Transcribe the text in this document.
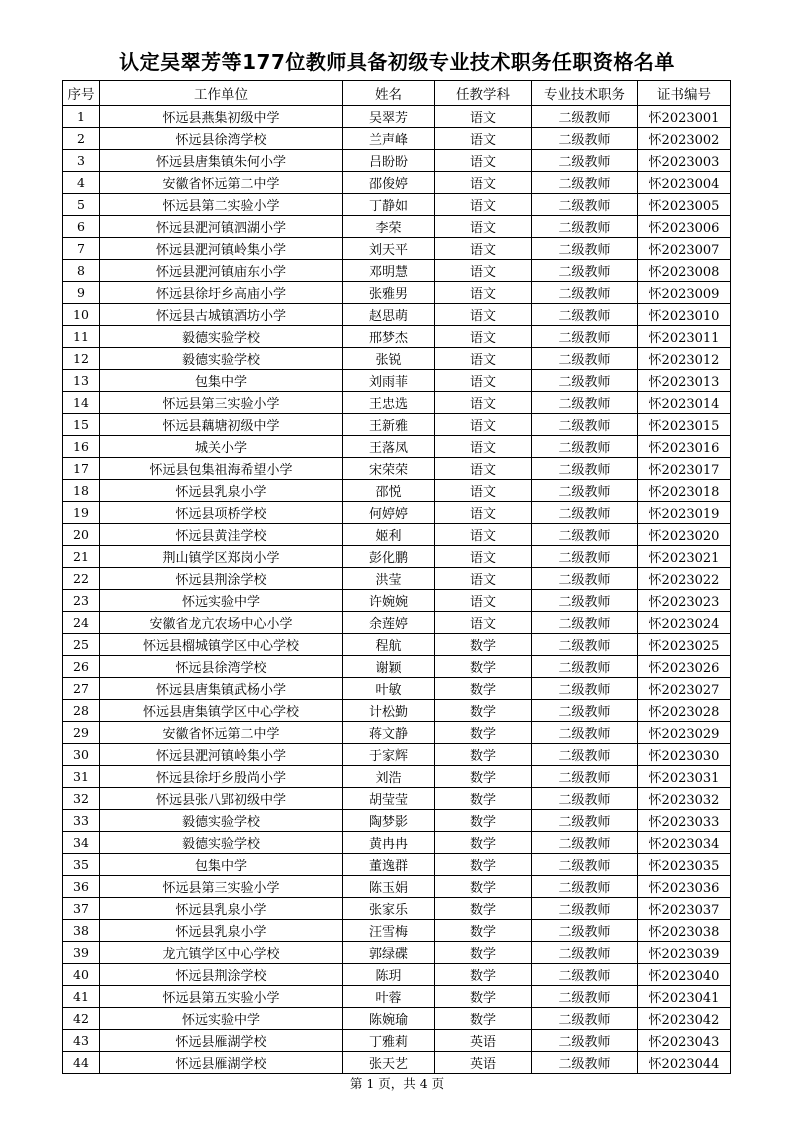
认定吴翠芳等177位教师具备初级专业技术职务任职资格名单
序号	工作单位	姓名	任教学科	专业技术职务	证书编号
1	怀远县燕集初级中学	吴翠芳	语文	二级教师	怀2023001
2	怀远县徐湾学校	兰声峰	语文	二级教师	怀2023002
3	怀远县唐集镇朱何小学	吕盼盼	语文	二级教师	怀2023003
4	安徽省怀远第二中学	邵俊婷	语文	二级教师	怀2023004
5	怀远县第二实验小学	丁静如	语文	二级教师	怀2023005
6	怀远县淝河镇泗湖小学	李荣	语文	二级教师	怀2023006
7	怀远县淝河镇岭集小学	刘天平	语文	二级教师	怀2023007
8	怀远县淝河镇庙东小学	邓明慧	语文	二级教师	怀2023008
9	怀远县徐圩乡高庙小学	张雅男	语文	二级教师	怀2023009
10	怀远县古城镇酒坊小学	赵思萌	语文	二级教师	怀2023010
11	毅德实验学校	邢梦杰	语文	二级教师	怀2023011
12	毅德实验学校	张锐	语文	二级教师	怀2023012
13	包集中学	刘雨菲	语文	二级教师	怀2023013
14	怀远县第三实验小学	王忠选	语文	二级教师	怀2023014
15	怀远县藕塘初级中学	王新雅	语文	二级教师	怀2023015
16	城关小学	王落凤	语文	二级教师	怀2023016
17	怀远县包集祖海希望小学	宋荣荣	语文	二级教师	怀2023017
18	怀远县乳泉小学	邵悦	语文	二级教师	怀2023018
19	怀远县项桥学校	何婷婷	语文	二级教师	怀2023019
20	怀远县黄洼学校	姬利	语文	二级教师	怀2023020
21	荆山镇学区郑岗小学	彭化鹏	语文	二级教师	怀2023021
22	怀远县荆涂学校	洪莹	语文	二级教师	怀2023022
23	怀远实验中学	许婉婉	语文	二级教师	怀2023023
24	安徽省龙亢农场中心小学	余莲婷	语文	二级教师	怀2023024
25	怀远县榴城镇学区中心学校	程航	数学	二级教师	怀2023025
26	怀远县徐湾学校	谢颖	数学	二级教师	怀2023026
27	怀远县唐集镇武杨小学	叶敏	数学	二级教师	怀2023027
28	怀远县唐集镇学区中心学校	计松勤	数学	二级教师	怀2023028
29	安徽省怀远第二中学	蒋文静	数学	二级教师	怀2023029
30	怀远县淝河镇岭集小学	于家辉	数学	二级教师	怀2023030
31	怀远县徐圩乡殷尚小学	刘浩	数学	二级教师	怀2023031
32	怀远县张八郢初级中学	胡莹莹	数学	二级教师	怀2023032
33	毅德实验学校	陶梦影	数学	二级教师	怀2023033
34	毅德实验学校	黄冉冉	数学	二级教师	怀2023034
35	包集中学	董逸群	数学	二级教师	怀2023035
36	怀远县第三实验小学	陈玉娟	数学	二级教师	怀2023036
37	怀远县乳泉小学	张家乐	数学	二级教师	怀2023037
38	怀远县乳泉小学	汪雪梅	数学	二级教师	怀2023038
39	龙亢镇学区中心学校	郭绿碟	数学	二级教师	怀2023039
40	怀远县荆涂学校	陈玥	数学	二级教师	怀2023040
41	怀远县第五实验小学	叶蓉	数学	二级教师	怀2023041
42	怀远实验中学	陈婉瑜	数学	二级教师	怀2023042
43	怀远县雁湖学校	丁雅莉	英语	二级教师	怀2023043
44	怀远县雁湖学校	张天艺	英语	二级教师	怀2023044
第 1 页，共 4 页
